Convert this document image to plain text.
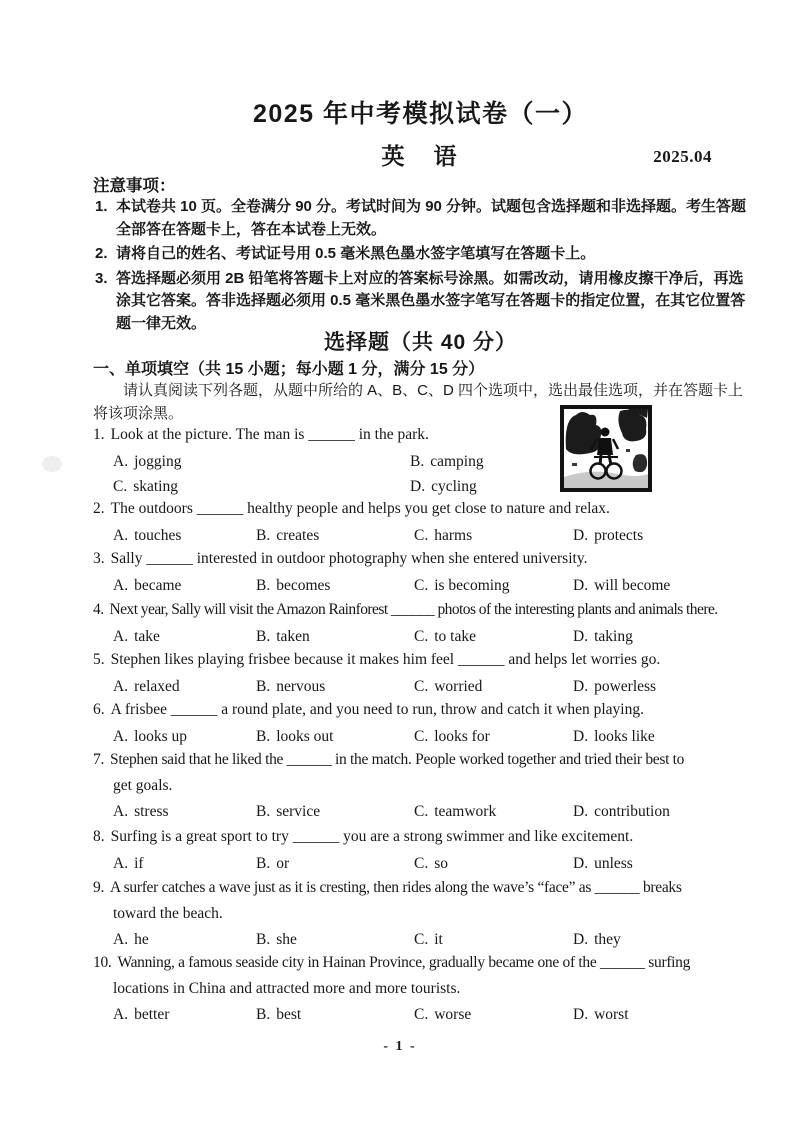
2025 年中考模拟试卷（一）
英　语	2025.04
注意事项：
1. 本试卷共 10 页。全卷满分 90 分。考试时间为 90 分钟。试题包含选择题和非选择题。考生答题全部答在答题卡上，答在本试卷上无效。
2. 请将自己的姓名、考试证号用 0.5 毫米黑色墨水签字笔填写在答题卡上。
3. 答选择题必须用 2B 铅笔将答题卡上对应的答案标号涂黑。如需改动，请用橡皮擦干净后，再选涂其它答案。答非选择题必须用 0.5 毫米黑色墨水签字笔写在答题卡的指定位置，在其它位置答题一律无效。
选择题（共 40 分）
一、单项填空（共 15 小题；每小题 1 分，满分 15 分）
请认真阅读下列各题，从题中所给的 A、B、C、D 四个选项中，选出最佳选项，并在答题卡上将该项涂黑。
1. Look at the picture. The man is ______ in the park.
A. jogging	B. camping
C. skating	D. cycling
2. The outdoors ______ healthy people and helps you get close to nature and relax.
A. touches	B. creates	C. harms	D. protects
3. Sally ______ interested in outdoor photography when she entered university.
A. became	B. becomes	C. is becoming	D. will become
4. Next year, Sally will visit the Amazon Rainforest ______ photos of the interesting plants and animals there.
A. take	B. taken	C. to take	D. taking
5. Stephen likes playing frisbee because it makes him feel ______ and helps let worries go.
A. relaxed	B. nervous	C. worried	D. powerless
6. A frisbee ______ a round plate, and you need to run, throw and catch it when playing.
A. looks up	B. looks out	C. looks for	D. looks like
7. Stephen said that he liked the ______ in the match. People worked together and tried their best to
get goals.
A. stress	B. service	C. teamwork	D. contribution
8. Surfing is a great sport to try ______ you are a strong swimmer and like excitement.
A. if	B. or	C. so	D. unless
9. A surfer catches a wave just as it is cresting, then rides along the wave’s “face” as ______ breaks
toward the beach.
A. he	B. she	C. it	D. they
10. Wanning, a famous seaside city in Hainan Province, gradually became one of the ______ surfing
locations in China and attracted more and more tourists.
A. better	B. best	C. worse	D. worst
- 1 -
